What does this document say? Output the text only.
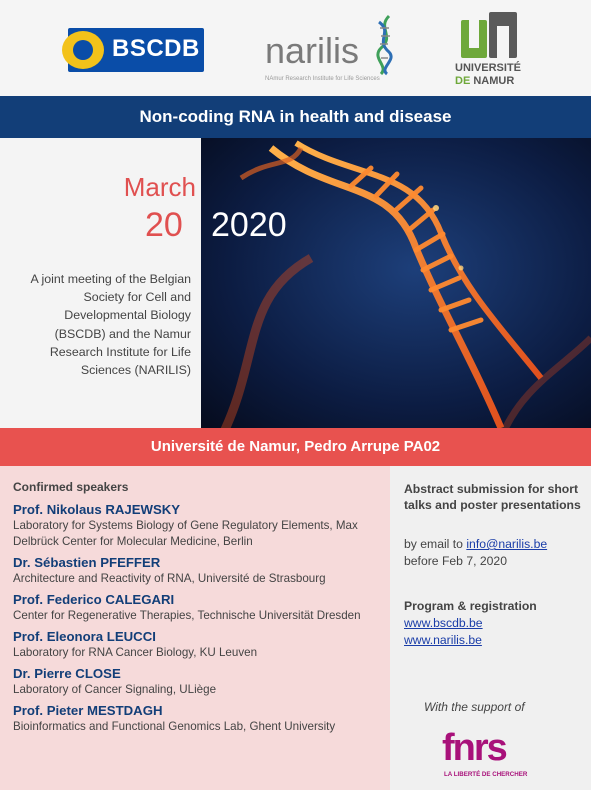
BSCDB narilis
NAmur Research Institute for Life Sciences
UNIVERSITÉ
DE NAMUR
Non-coding RNA in health and disease
March
20
A joint meeting of the Belgian Society for Cell and Developmental Biology (BSCDB) and the Namur Research Institute for Life Sciences (NARILIS)
2020
Université de Namur, Pedro Arrupe PA02
Confirmed speakers
Prof. Nikolaus RAJEWSKY
Laboratory for Systems Biology of Gene Regulatory Elements, Max Delbrück Center for Molecular Medicine, Berlin
Dr. Sébastien PFEFFER
Architecture and Reactivity of RNA, Université de Strasbourg
Prof. Federico CALEGARI
Center for Regenerative Therapies, Technische Universität Dresden
Prof. Eleonora LEUCCI
Laboratory for RNA Cancer Biology, KU Leuven
Dr. Pierre CLOSE
Laboratory of Cancer Signaling, ULiège
Prof. Pieter MESTDAGH
Bioinformatics and Functional Genomics Lab, Ghent University
Abstract submission for short talks and poster presentations
by email to info@narilis.be
before Feb 7, 2020
Program & registration
www.bscdb.be
www.narilis.be
With the support of
fnrs
LA LIBERTÉ DE CHERCHER
